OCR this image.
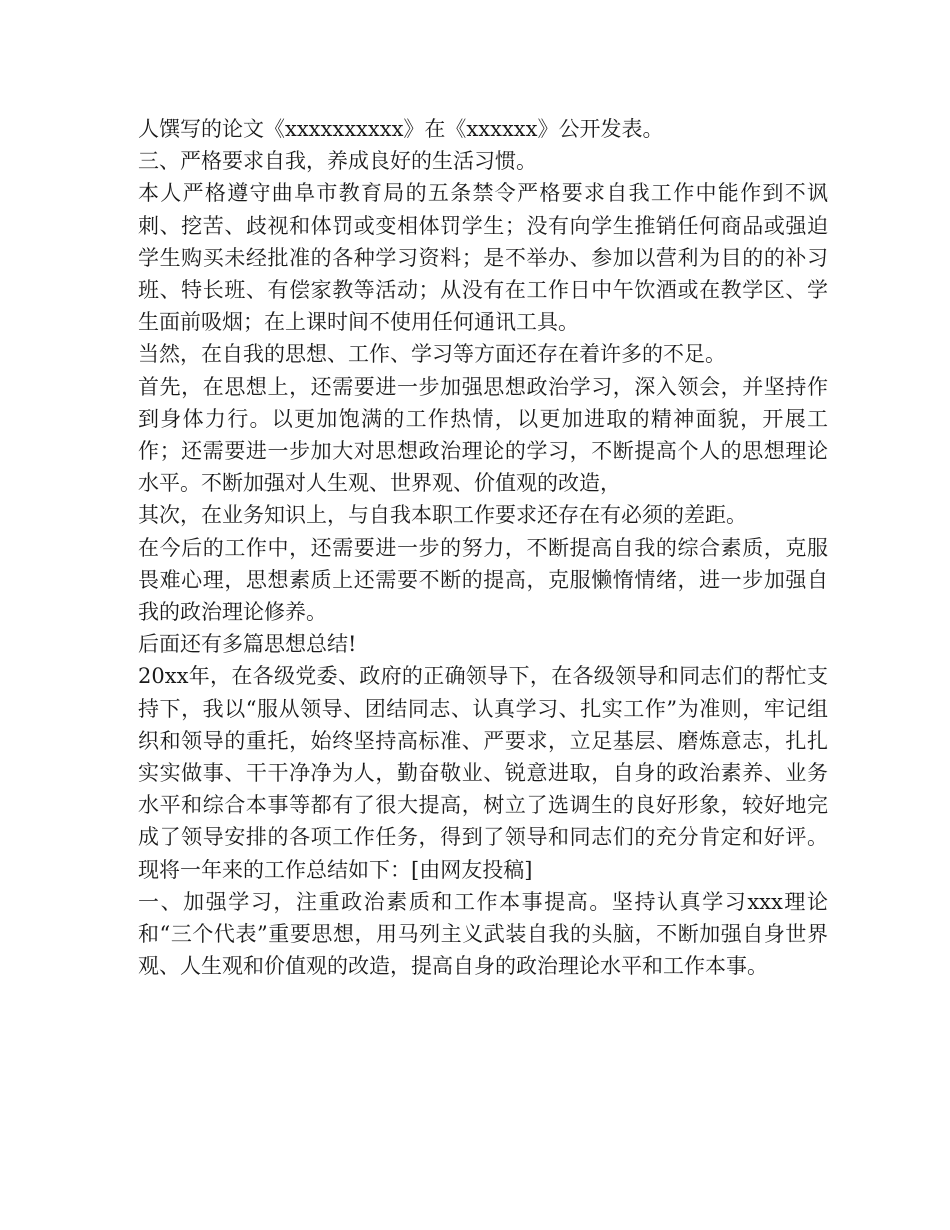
人馔写的论文《xxxxxxxxxx》在《xxxxxx》公开发表。

三、严格要求自我，养成良好的生活习惯。

本人严格遵守曲阜市教育局的五条禁令严格要求自我工作中能作到不讽刺、挖苦、歧视和体罚或变相体罚学生；没有向学生推销任何商品或强迫学生购买未经批准的各种学习资料；是不举办、参加以营利为目的的补习班、特长班、有偿家教等活动；从没有在工作日中午饮酒或在教学区、学生面前吸烟；在上课时间不使用任何通讯工具。

当然，在自我的思想、工作、学习等方面还存在着许多的不足。

首先，在思想上，还需要进一步加强思想政治学习，深入领会，并坚持作到身体力行。以更加饱满的工作热情，以更加进取的精神面貌，开展工作；还需要进一步加大对思想政治理论的学习，不断提高个人的思想理论水平。不断加强对人生观、世界观、价值观的改造，

其次，在业务知识上，与自我本职工作要求还存在有必须的差距。

在今后的工作中，还需要进一步的努力，不断提高自我的综合素质，克服畏难心理，思想素质上还需要不断的提高，克服懒惰情绪，进一步加强自我的政治理论修养。

后面还有多篇思想总结!

20xx年，在各级党委、政府的正确领导下，在各级领导和同志们的帮忙支持下，我以“服从领导、团结同志、认真学习、扎实工作”为准则，牢记组织和领导的重托，始终坚持高标准、严要求，立足基层、磨炼意志，扎扎实实做事、干干净净为人，勤奋敬业、锐意进取，自身的政治素养、业务水平和综合本事等都有了很大提高，树立了选调生的良好形象，较好地完成了领导安排的各项工作任务，得到了领导和同志们的充分肯定和好评。现将一年来的工作总结如下：[由网友投稿]

一、加强学习，注重政治素质和工作本事提高。坚持认真学习xxx理论和“三个代表”重要思想，用马列主义武装自我的头脑，不断加强自身世界观、人生观和价值观的改造，提高自身的政治理论水平和工作本事。
